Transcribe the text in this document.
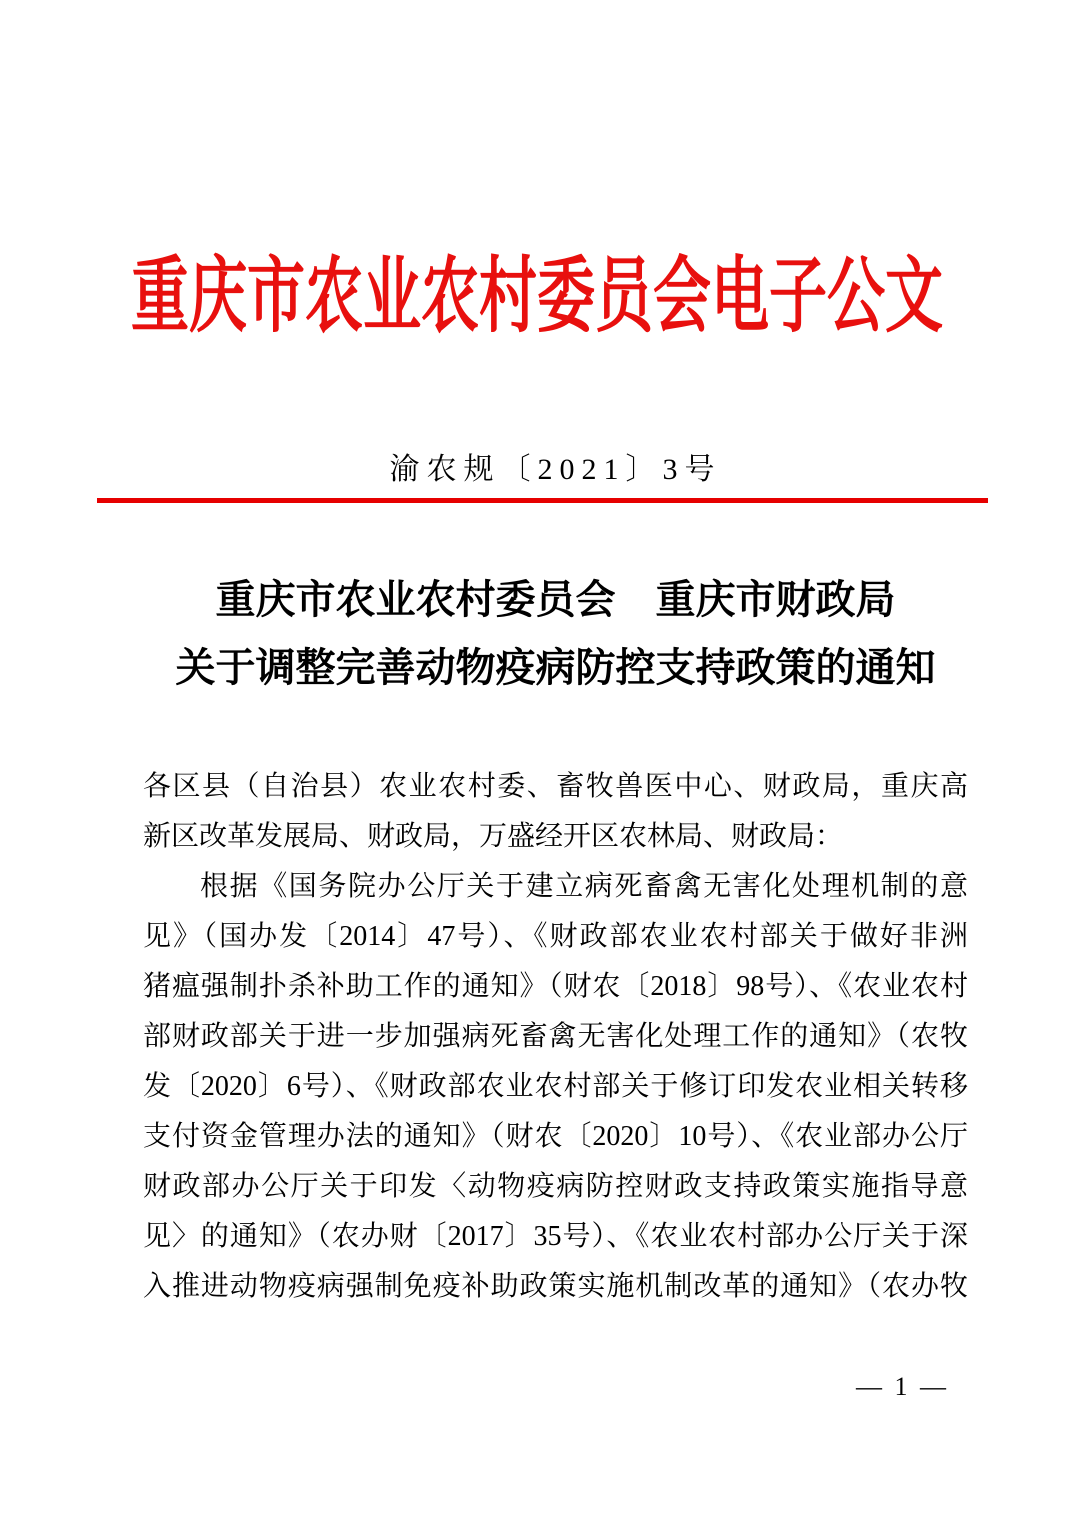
重庆市农业农村委员会电子公文
渝农规〔2021〕3号
重庆市农业农村委员会　重庆市财政局
关于调整完善动物疫病防控支持政策的通知
各区县（自治县）农业农村委、畜牧兽医中心、财政局，重庆高
新区改革发展局、财政局，万盛经开区农林局、财政局：
根据《国务院办公厅关于建立病死畜禽无害化处理机制的意
见》（国办发〔2014〕47号）、《财政部农业农村部关于做好非洲
猪瘟强制扑杀补助工作的通知》（财农〔2018〕98号）、《农业农村
部财政部关于进一步加强病死畜禽无害化处理工作的通知》（农牧
发〔2020〕6号）、《财政部农业农村部关于修订印发农业相关转移
支付资金管理办法的通知》（财农〔2020〕10号）、《农业部办公厅
财政部办公厅关于印发〈动物疫病防控财政支持政策实施指导意
见〉的通知》（农办财〔2017〕35号）、《农业农村部办公厅关于深
入推进动物疫病强制免疫补助政策实施机制改革的通知》（农办牧
— 1 —
